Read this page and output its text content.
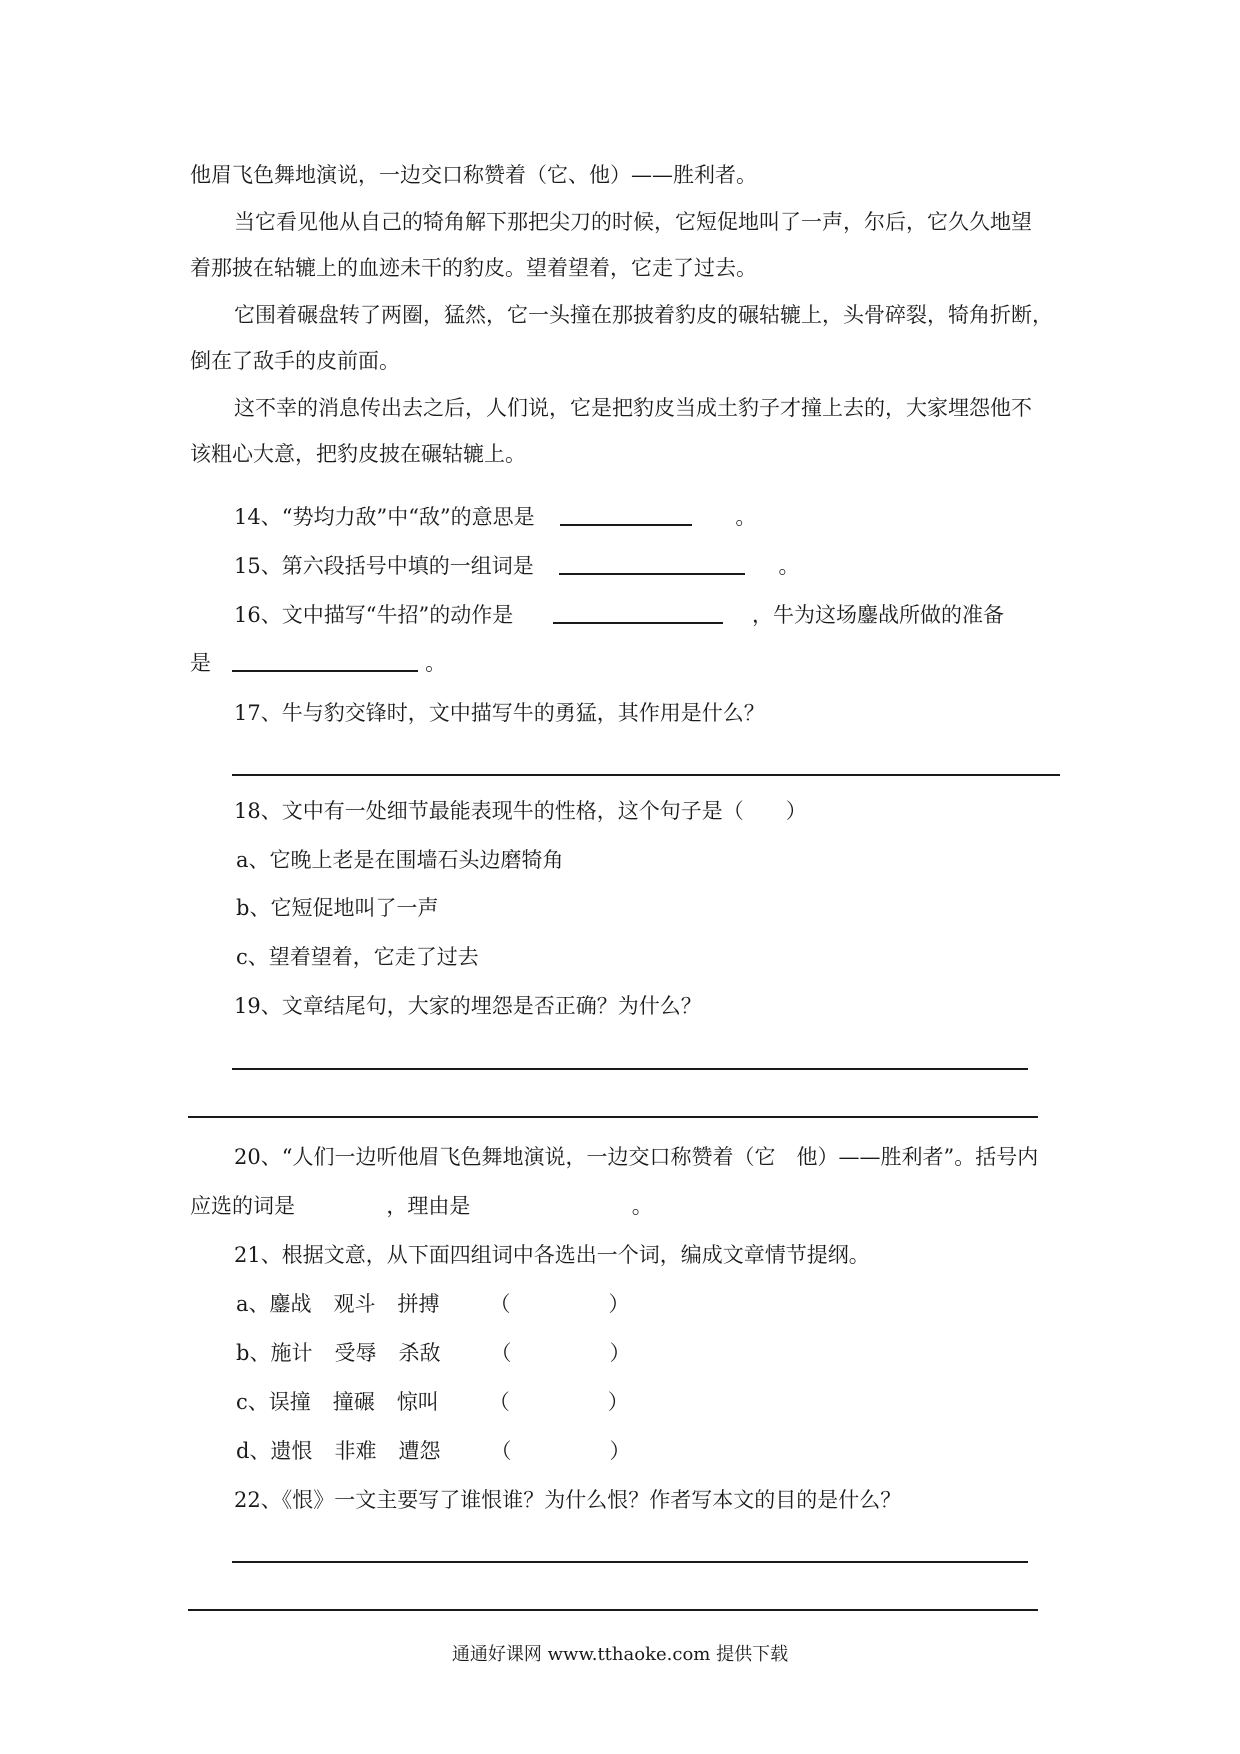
他眉飞色舞地演说，一边交口称赞着（它、他）——胜利者。
当它看见他从自己的犄角解下那把尖刀的时候，它短促地叫了一声，尔后，它久久地望
着那披在轱辘上的血迹未干的豹皮。望着望着，它走了过去。
它围着碾盘转了两圈，猛然，它一头撞在那披着豹皮的碾轱辘上，头骨碎裂，犄角折断，
倒在了敌手的皮前面。
这不幸的消息传出去之后，人们说，它是把豹皮当成土豹子才撞上去的，大家埋怨他不
该粗心大意，把豹皮披在碾轱辘上。
14、“势均力敌”中“敌”的意思是	。
15、第六段括号中填的一组词是	。
16、文中描写“牛招”的动作是	，牛为这场鏖战所做的准备
是	。
17、牛与豹交锋时，文中描写牛的勇猛，其作用是什么？
18、文中有一处细节最能表现牛的性格，这个句子是（　　）
a、它晚上老是在围墙石头边磨犄角
b、它短促地叫了一声
c、望着望着，它走了过去
19、文章结尾句，大家的埋怨是否正确？为什么？
20、“人们一边听他眉飞色舞地演说，一边交口称赞着（它　他）——胜利者”。括号内
应选的词是	，理由是	。
21、根据文意，从下面四组词中各选出一个词，编成文章情节提纲。
a、鏖战 观斗 拼搏 （	）
b、施计 受辱 杀敌 （	）
c、误撞 撞碾 惊叫 （	）
d、遗恨 非难 遭怨 （	）
22、《恨》一文主要写了谁恨谁？为什么恨？作者写本文的目的是什么？
通通好课网 www.tthaoke.com 提供下载
